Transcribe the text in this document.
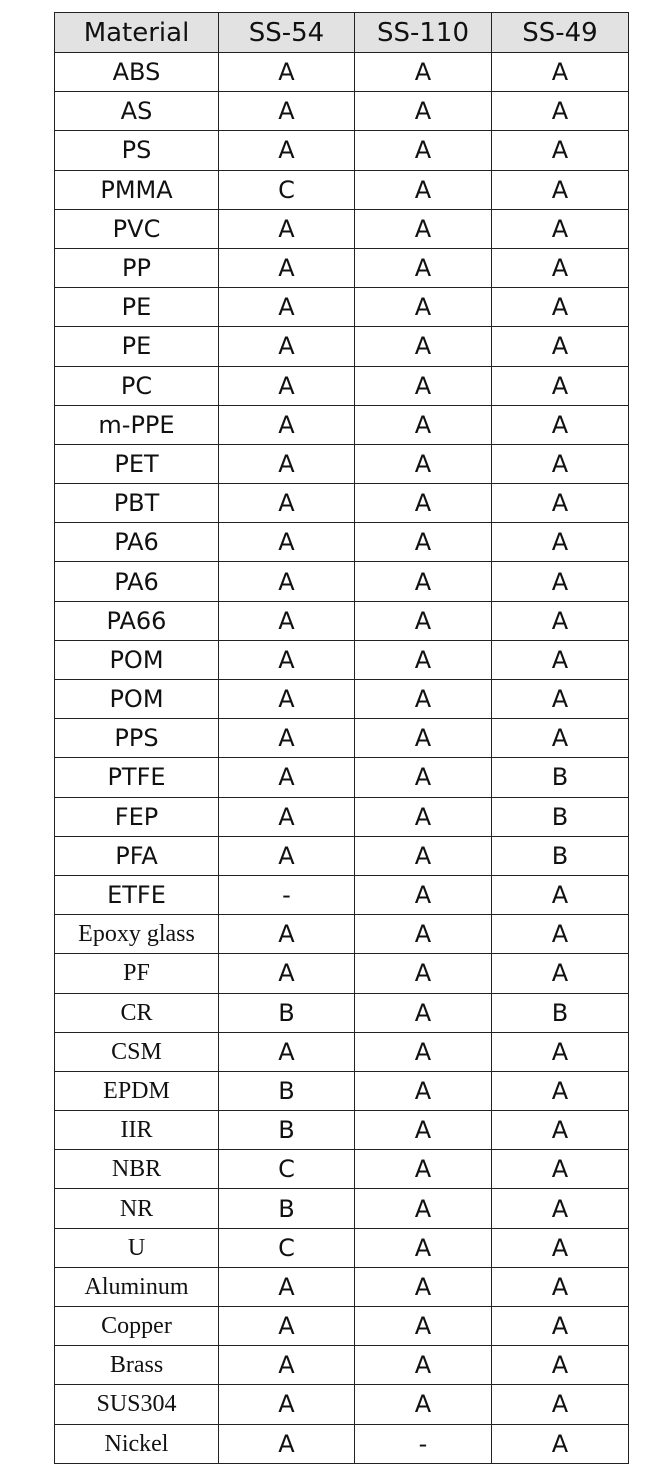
Material	SS-54	SS-110	SS-49
ABS	A	A	A
AS	A	A	A
PS	A	A	A
PMMA	C	A	A
PVC	A	A	A
PP	A	A	A
PE	A	A	A
PE	A	A	A
PC	A	A	A
m-PPE	A	A	A
PET	A	A	A
PBT	A	A	A
PA6	A	A	A
PA6	A	A	A
PA66	A	A	A
POM	A	A	A
POM	A	A	A
PPS	A	A	A
PTFE	A	A	B
FEP	A	A	B
PFA	A	A	B
ETFE	-	A	A
Epoxy glass	A	A	A
PF	A	A	A
CR	B	A	B
CSM	A	A	A
EPDM	B	A	A
IIR	B	A	A
NBR	C	A	A
NR	B	A	A
U	C	A	A
Aluminum	A	A	A
Copper	A	A	A
Brass	A	A	A
SUS304	A	A	A
Nickel	A	-	A
